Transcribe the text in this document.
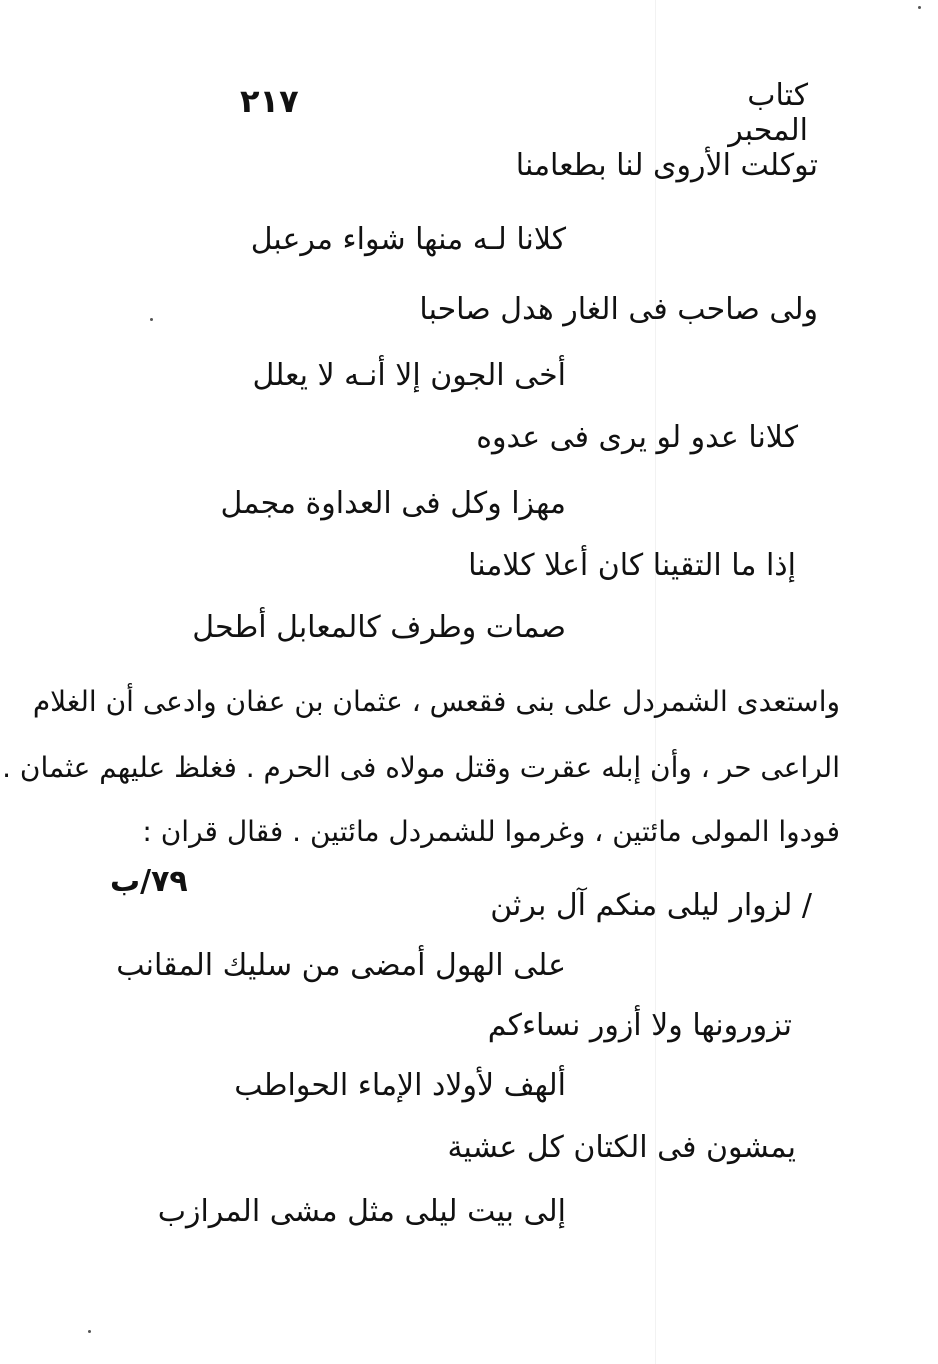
٢١٧	كتاب المحبر
توكلت الأروى لنا بطعامنا
كلانا لـه منها شواء مرعبل
ولى صاحب فى الغار هدل صاحبا
أخى الجون إلا أنـه لا يعلل
كلانا عدو لو يرى فى عدوه
مهزا وكل فى العداوة مجمل
إذا ما التقينا كان أعلا كلامنا
صمات وطرف كالمعابل أطحل
واستعدى الشمردل على بنى فقعس ، عثمان بن عفان وادعى أن الغلام
الراعى حر ، وأن إبله عقرت وقتل مولاه فى الحرم . فغلظ عليهم عثمان .
فودوا المولى مائتين ، وغرموا للشمردل مائتين . فقال قران :
٧٩/ب
/ لزوار ليلى منكم آل برثن
على الهول أمضى من سليك المقانب
تزورونها ولا أزور نساءكم
ألهف لأولاد الإماء الحواطب
يمشون فى الكتان كل عشية
إلى بيت ليلى مثل مشى المرازب
